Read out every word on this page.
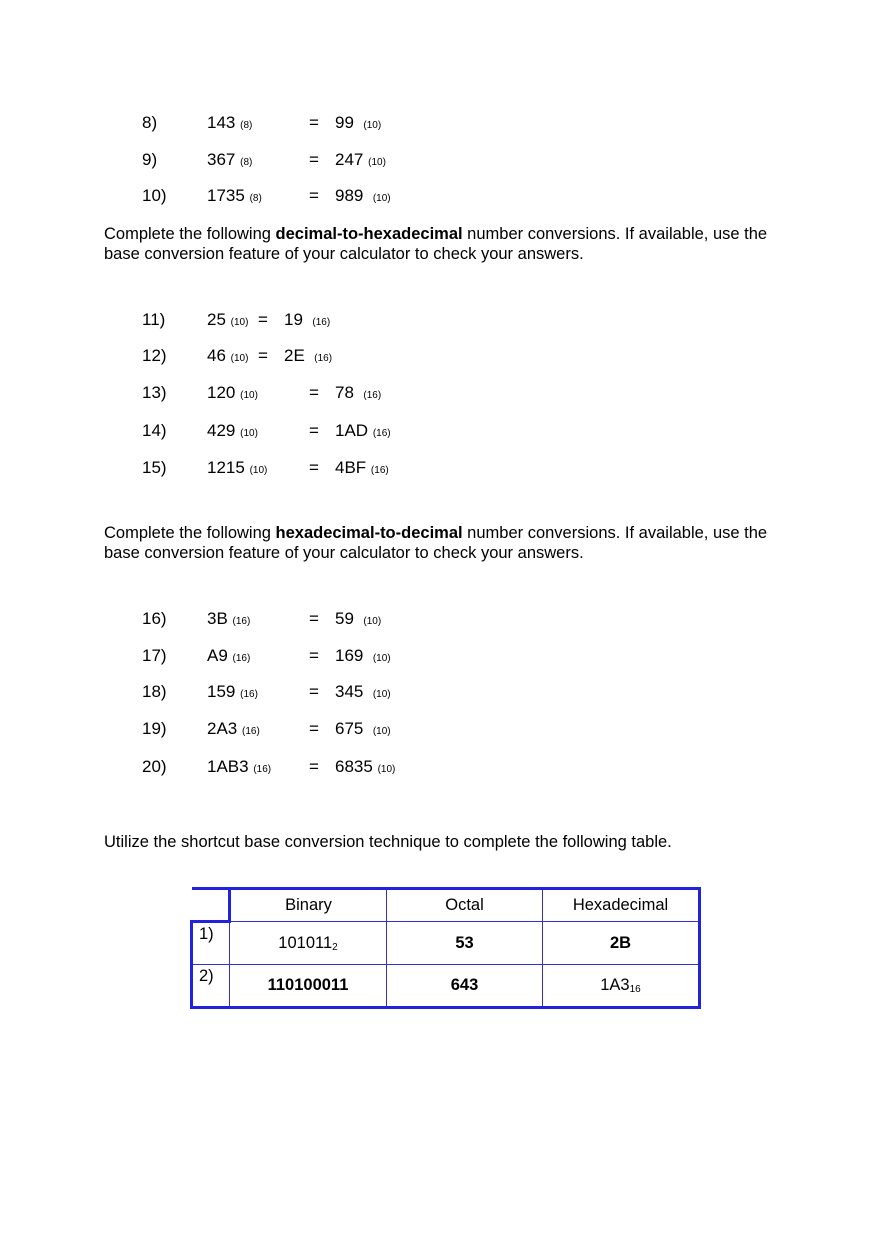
8)	143 (8)	= 99 (10)
9)	367 (8)	= 247 (10)
10) 1735 (8)	= 989 (10)
Complete the following decimal-to-hexadecimal number conversions. If available, use the base conversion feature of your calculator to check your answers.
11) 25 (10) = 19 (16)
12) 46 (10) = 2E (16)
13) 120 (10)	= 78 (16)
14) 429 (10)	= 1AD (16)
15) 1215 (10) = 4BF (16)
Complete the following hexadecimal-to-decimal number conversions. If available, use the base conversion feature of your calculator to check your answers.
16) 3B (16)	= 59 (10)
17) A9 (16)	= 169 (10)
18) 159 (16)	= 345 (10)
19) 2A3 (16)	= 675 (10)
20) 1AB3 (16) = 6835 (10)
Utilize the shortcut base conversion technique to complete the following table.
	Binary	Octal	Hexadecimal
1)	1010112	53	2B
2)	110100011	643	1A316
